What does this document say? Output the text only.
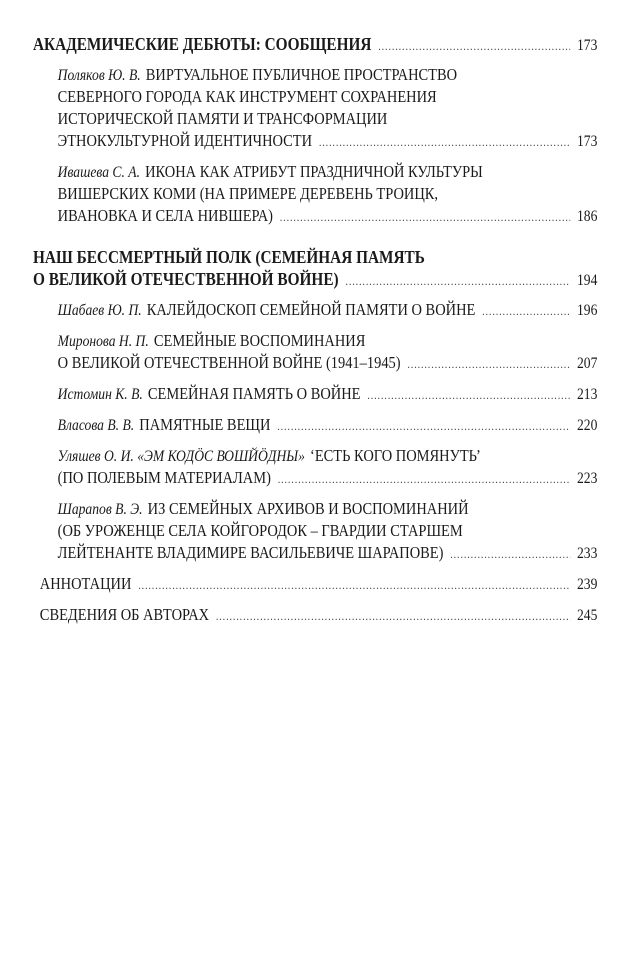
АКАДЕМИЧЕСКИЕ ДЕБЮТЫ: СООБЩЕНИЯ .....	173
Поляков Ю. В. ВИРТУАЛЬНОЕ ПУБЛИЧНОЕ ПРОСТРАНСТВО
СЕВЕРНОГО ГОРОДА КАК ИНСТРУМЕНТ СОХРАНЕНИЯ
ИСТОРИЧЕСКОЙ ПАМЯТИ И ТРАНСФОРМАЦИИ
ЭТНОКУЛЬТУРНОЙ ИДЕНТИЧНОСТИ .....	173
Ивашева С. А. ИКОНА КАК АТРИБУТ ПРАЗДНИЧНОЙ КУЛЬТУРЫ
ВИШЕРСКИХ КОМИ (НА ПРИМЕРЕ ДЕРЕВЕНЬ ТРОИЦК,
ИВАНОВКА И СЕЛА НИВШЕРА) .....	186
НАШ БЕССМЕРТНЫЙ ПОЛК (СЕМЕЙНАЯ ПАМЯТЬ
О ВЕЛИКОЙ ОТЕЧЕСТВЕННОЙ ВОЙНЕ) .....	194
Шабаев Ю. П. КАЛЕЙДОСКОП СЕМЕЙНОЙ ПАМЯТИ О ВОЙНЕ .....	196
Миронова Н. П. СЕМЕЙНЫЕ ВОСПОМИНАНИЯ
О ВЕЛИКОЙ ОТЕЧЕСТВЕННОЙ ВОЙНЕ (1941–1945) .....	207
Истомин К. В. СЕМЕЙНАЯ ПАМЯТЬ О ВОЙНЕ .....	213
Власова В. В. ПАМЯТНЫЕ ВЕЩИ .....	220
Уляшев О. И. «ЭМ КОДӦС ВОШЙӦДНЫ» ‘ЕСТЬ КОГО ПОМЯНУТЬ’
(ПО ПОЛЕВЫМ МАТЕРИАЛАМ) .....	223
Шарапов В. Э. ИЗ СЕМЕЙНЫХ АРХИВОВ И ВОСПОМИНАНИЙ
(ОБ УРОЖЕНЦЕ СЕЛА КОЙГОРОДОК – ГВАРДИИ СТАРШЕМ
ЛЕЙТЕНАНТЕ ВЛАДИМИРЕ ВАСИЛЬЕВИЧЕ ШАРАПОВЕ) .....	233
АННОТАЦИИ .....	239
СВЕДЕНИЯ ОБ АВТОРАХ .....	245
